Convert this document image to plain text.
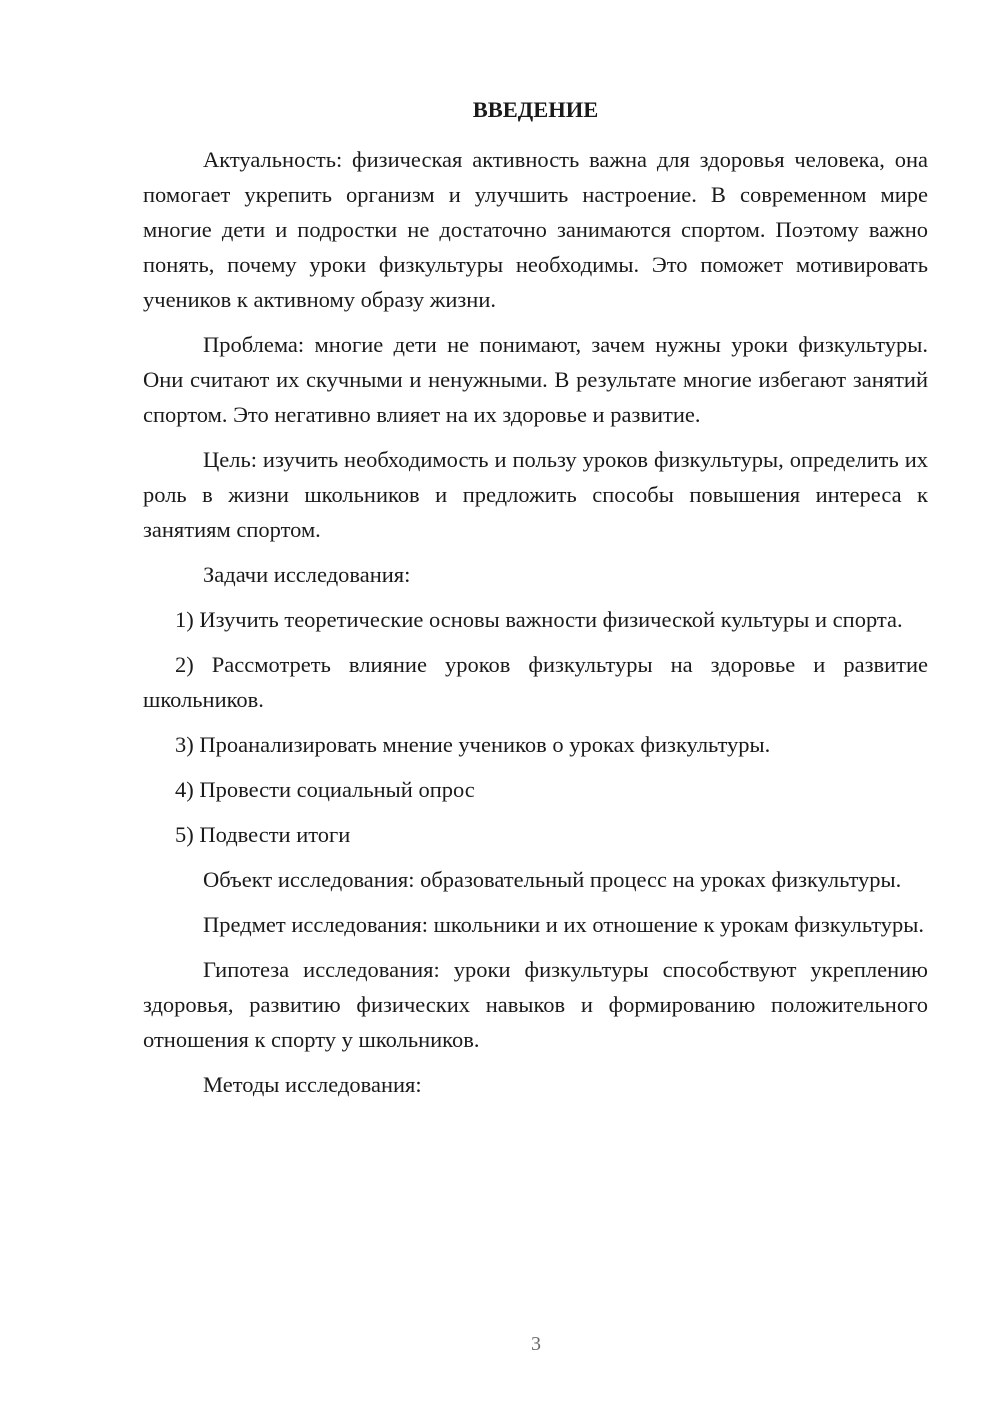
ВВЕДЕНИЕ

Актуальность: физическая активность важна для здоровья человека, она помогает укрепить организм и улучшить настроение. В современном мире многие дети и подростки не достаточно занимаются спортом. Поэтому важно понять, почему уроки физкультуры необходимы. Это поможет мотивировать учеников к активному образу жизни.

Проблема: многие дети не понимают, зачем нужны уроки физкультуры. Они считают их скучными и ненужными. В результате многие избегают занятий спортом. Это негативно влияет на их здоровье и развитие.

Цель: изучить необходимость и пользу уроков физкультуры, определить их роль в жизни школьников и предложить способы повышения интереса к занятиям спортом.

Задачи исследования:

1) Изучить теоретические основы важности физической культуры и спорта.

2) Рассмотреть влияние уроков физкультуры на здоровье и развитие школьников.

3) Проанализировать мнение учеников о уроках физкультуры.

4) Провести социальный опрос

5) Подвести итоги

Объект исследования: образовательный процесс на уроках физкультуры.

Предмет исследования: школьники и их отношение к урокам физкультуры.

Гипотеза исследования: уроки физкультуры способствуют укреплению здоровья, развитию физических навыков и формированию положительного отношения к спорту у школьников.

Методы исследования:

3
